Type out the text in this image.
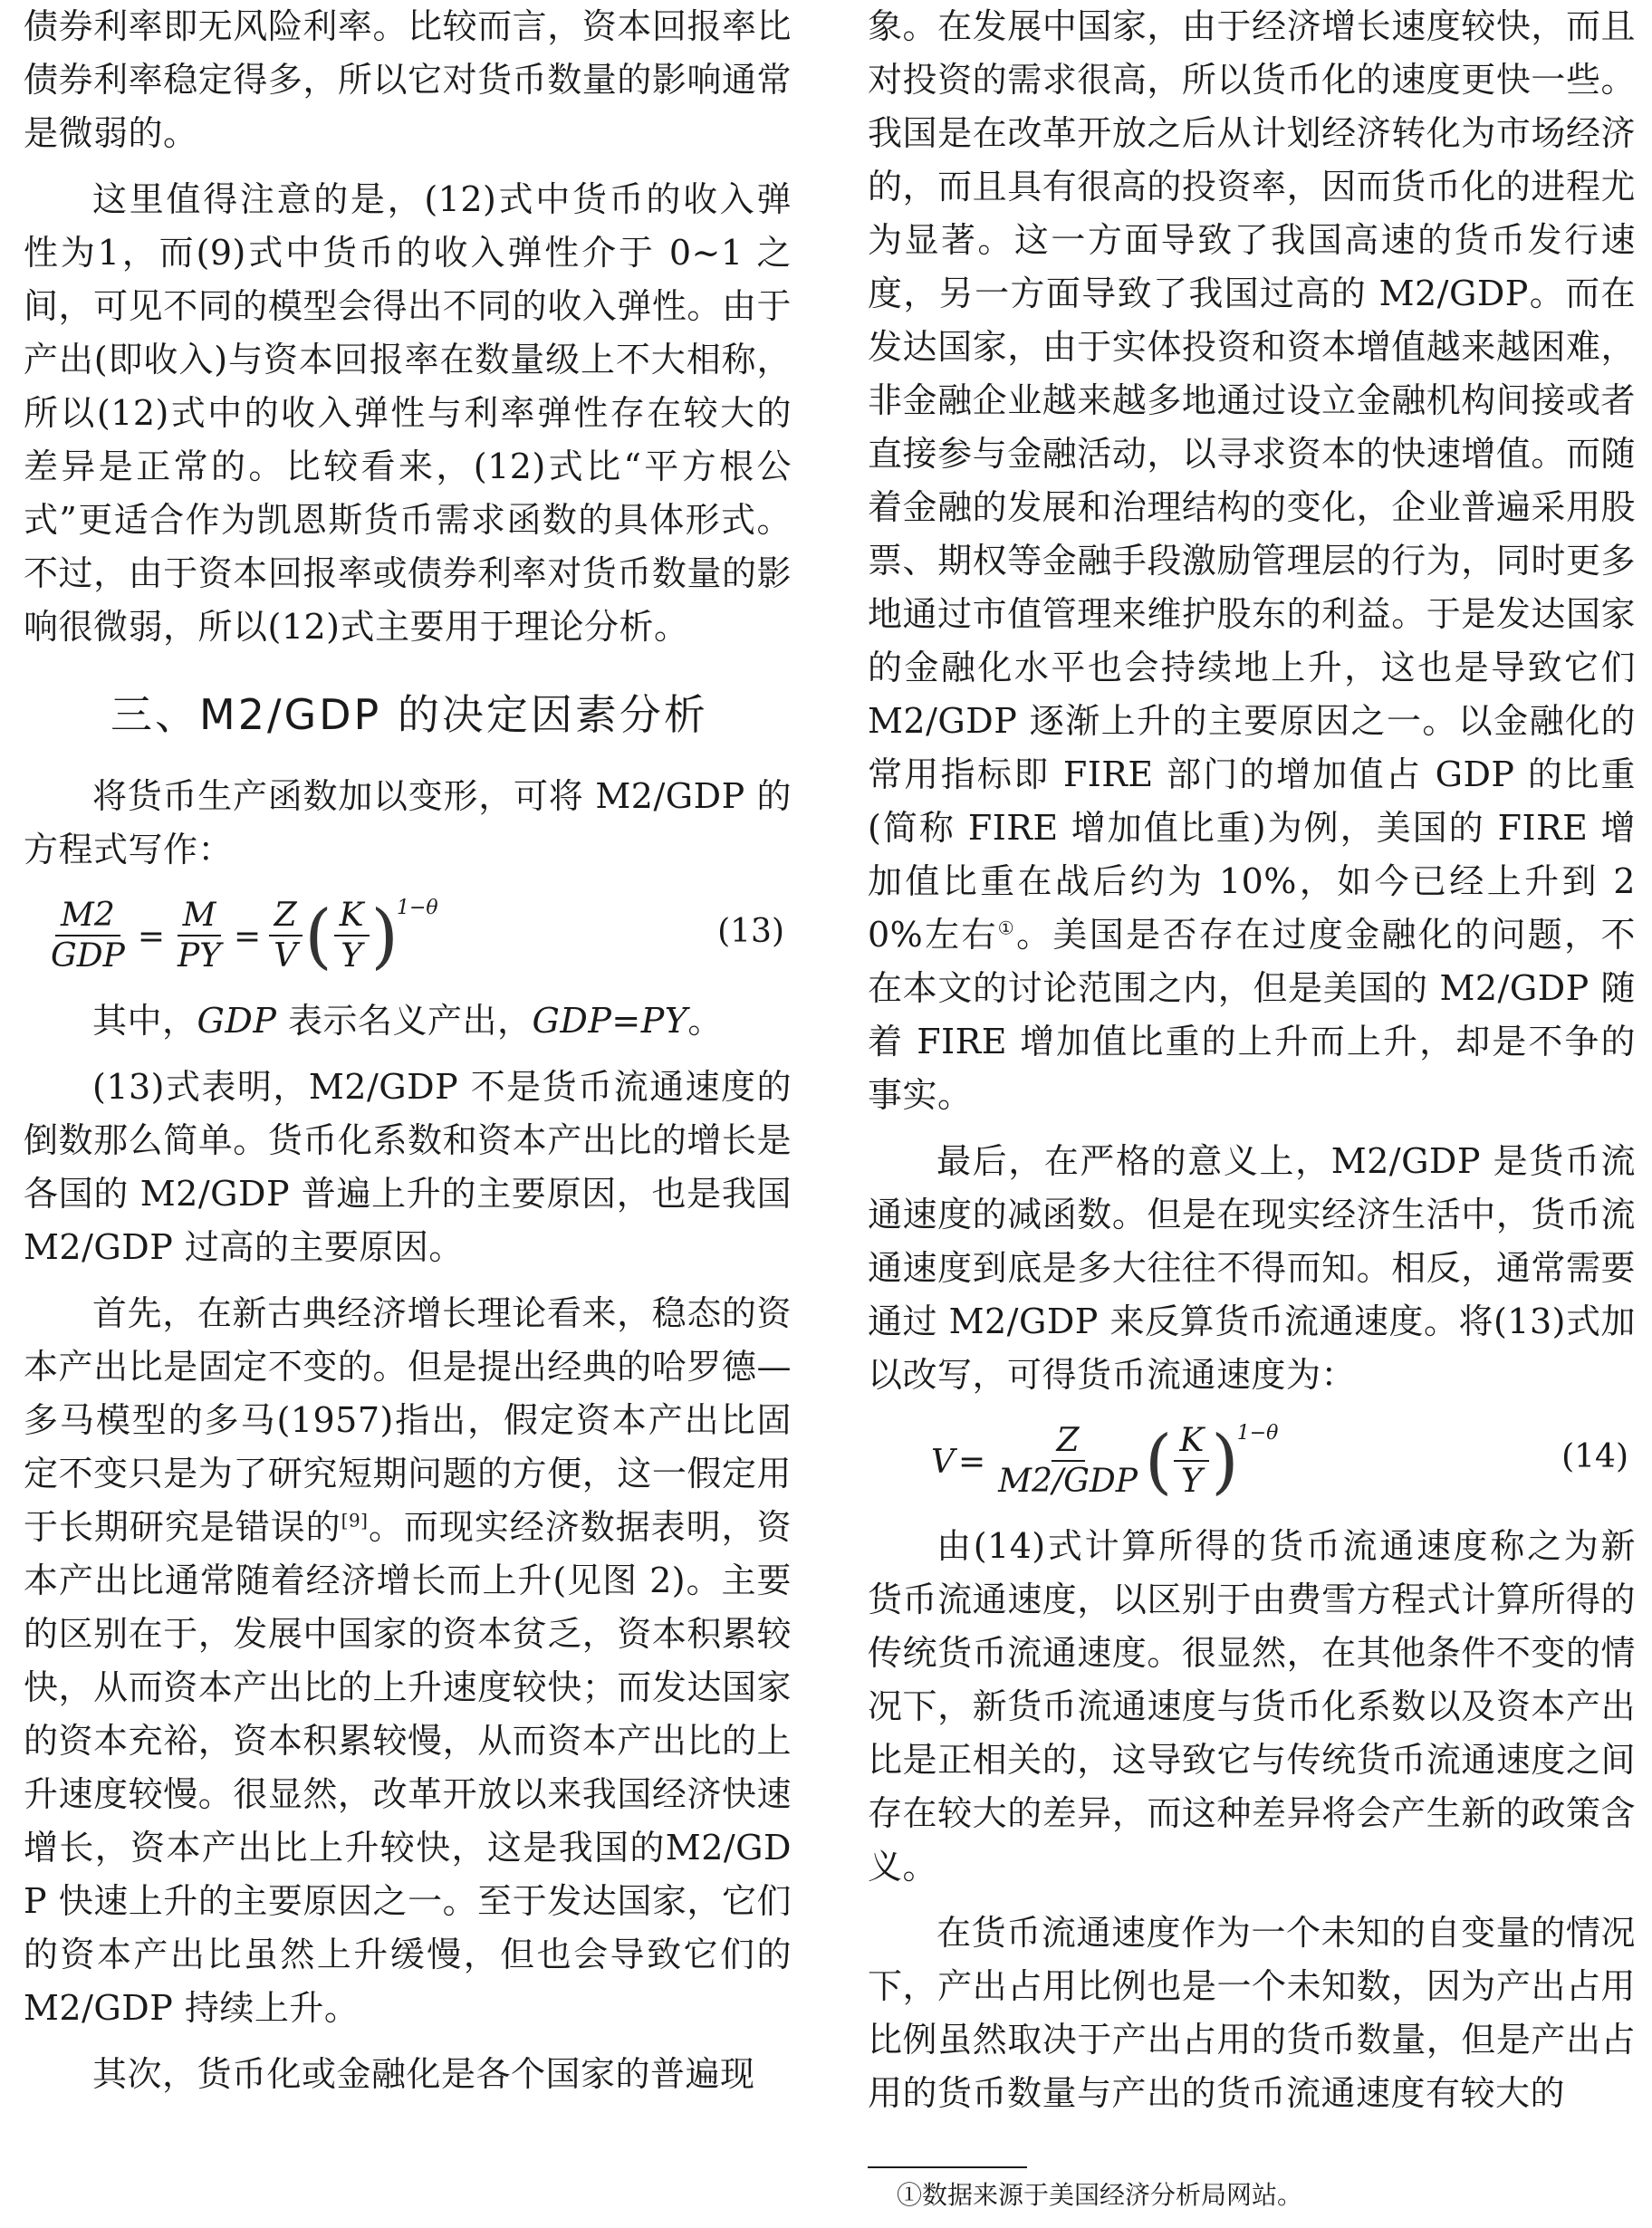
债券利率即无风险利率。比较而言，资本回报率比债券利率稳定得多，所以它对货币数量的影响通常是微弱的。

这里值得注意的是，(12)式中货币的收入弹性为1，而(9)式中货币的收入弹性介于 0~1 之间，可见不同的模型会得出不同的收入弹性。由于产出(即收入)与资本回报率在数量级上不大相称，所以(12)式中的收入弹性与利率弹性存在较大的差异是正常的。比较看来，(12)式比“平方根公式”更适合作为凯恩斯货币需求函数的具体形式。不过，由于资本回报率或债券利率对货币数量的影响很微弱，所以(12)式主要用于理论分析。

三、M2/GDP 的决定因素分析

将货币生产函数加以变形，可将 M2/GDP 的方程式写作：

$\frac{M2}{\text{GDP}} = \frac{M}{PY} = \frac{Z}{V}$ ( $\frac{K}{Y}$ )
1−θ
(13)

其中，GDP 表示名义产出，GDP=PY。

(13)式表明，M2/GDP 不是货币流通速度的倒数那么简单。货币化系数和资本产出比的增长是各国的 M2/GDP 普遍上升的主要原因，也是我国 M2/GDP 过高的主要原因。

首先，在新古典经济增长理论看来，稳态的资本产出比是固定不变的。但是提出经典的哈罗德—多马模型的多马(1957)指出，假定资本产出比固定不变只是为了研究短期问题的方便，这一假定用于长期研究是错误的[9]。而现实经济数据表明，资本产出比通常随着经济增长而上升(见图 2)。主要的区别在于，发展中国家的资本贫乏，资本积累较快，从而资本产出比的上升速度较快；而发达国家的资本充裕，资本积累较慢，从而资本产出比的上升速度较慢。很显然，改革开放以来我国经济快速增长，资本产出比上升较快，这是我国的M2/GDP 快速上升的主要原因之一。至于发达国家，它们的资本产出比虽然上升缓慢，但也会导致它们的 M2/GDP 持续上升。

其次，货币化或金融化是各个国家的普遍现

象。在发展中国家，由于经济增长速度较快，而且对投资的需求很高，所以货币化的速度更快一些。我国是在改革开放之后从计划经济转化为市场经济的，而且具有很高的投资率，因而货币化的进程尤为显著。这一方面导致了我国高速的货币发行速度，另一方面导致了我国过高的 M2/GDP。而在发达国家，由于实体投资和资本增值越来越困难，非金融企业越来越多地通过设立金融机构间接或者直接参与金融活动，以寻求资本的快速增值。而随着金融的发展和治理结构的变化，企业普遍采用股票、期权等金融手段激励管理层的行为，同时更多地通过市值管理来维护股东的利益。于是发达国家的金融化水平也会持续地上升，这也是导致它们 M2/GDP 逐渐上升的主要原因之一。以金融化的常用指标即 FIRE 部门的增加值占 GDP 的比重(简称 FIRE 增加值比重)为例，美国的 FIRE 增加值比重在战后约为 10%，如今已经上升到 20%左右①。美国是否存在过度金融化的问题，不在本文的讨论范围之内，但是美国的 M2/GDP 随着 FIRE 增加值比重的上升而上升，却是不争的事实。

最后，在严格的意义上，M2/GDP 是货币流通速度的减函数。但是在现实经济生活中，货币流通速度到底是多大往往不得而知。相反，通常需要通过 M2/GDP 来反算货币流通速度。将(13)式加以改写，可得货币流通速度为：

$V = \frac{Z}{\text{M2/GDP}}$ ( $\frac{K}{Y}$ )
1−θ
(14)

由(14)式计算所得的货币流通速度称之为新货币流通速度，以区别于由费雪方程式计算所得的传统货币流通速度。很显然，在其他条件不变的情况下，新货币流通速度与货币化系数以及资本产出比是正相关的，这导致它与传统货币流通速度之间存在较大的差异，而这种差异将会产生新的政策含义。

在货币流通速度作为一个未知的自变量的情况下，产出占用比例也是一个未知数，因为产出占用比例虽然取决于产出占用的货币数量，但是产出占用的货币数量与产出的货币流通速度有较大的

①数据来源于美国经济分析局网站。
